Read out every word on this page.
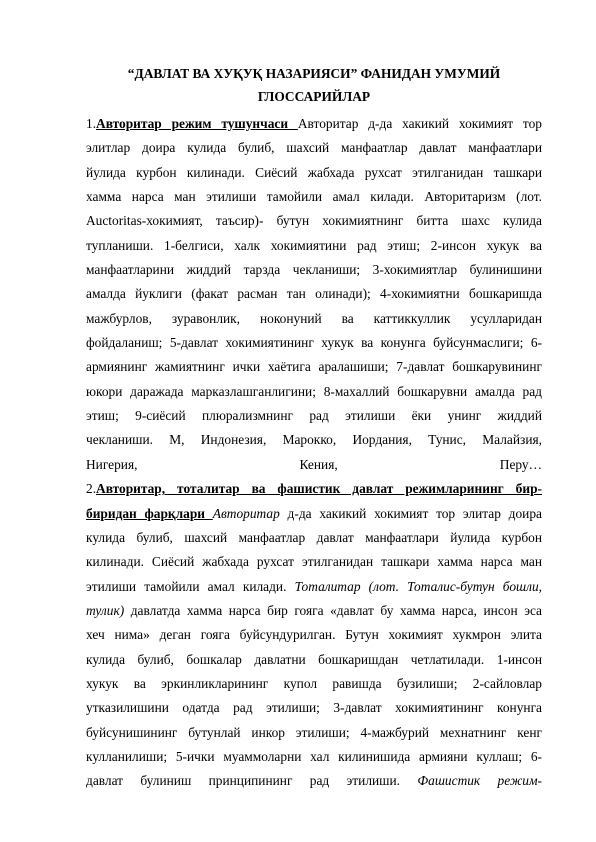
“ДАВЛАТ ВА ХУҚУҚ НАЗАРИЯСИ” ФАНИДАН УМУМИЙ
ГЛОССАРИЙЛАР
1.Авторитар режим тушунчаси Авторитар д-да хакикий хокимият тор
элитлар доира кулида булиб, шахсий манфаатлар давлат манфаатлари
йулида курбон килинади. Сиёсий жабхада рухсат этилганидан ташкари
хамма нарса ман этилиши тамойили амал килади. Авторитаризм (лот.
Auctoritas-хокимият, таъсир)- бутун хокимиятнинг битта шахс кулида
тупланиши. 1-белгиси, халк хокимиятини рад этиш; 2-инсон хукук ва
манфаатларини жиддий тарзда чекланиши; 3-хокимиятлар булинишини
амалда йуклиги (факат расман тан олинади); 4-хокимиятни бошкаришда
мажбурлов, зуравонлик, ноконуний ва каттиккуллик усулларидан
фойдаланиш; 5-давлат хокимиятининг хукук ва конунга буйсунмаслиги; 6-
армиянинг жамиятнинг ички хаётига аралашиши; 7-давлат бошкарувининг
юкори даражада марказлашганлигини; 8-махаллий бошкарувни амалда рад
этиш; 9-сиёсий плюрализмнинг рад этилиши ёки унинг жиддий
чекланиши. М, Индонезия, Марокко, Иордания, Тунис, Малайзия,
Нигерия, Кения, Перу…
2.Авторитар, тоталитар ва фашистик давлат режимларининг бир-
биридан фарқлари Авторитар д-да хакикий хокимият тор элитар доира
кулида булиб, шахсий манфаатлар давлат манфаатлари йулида курбон
килинади. Сиёсий жабхада рухсат этилганидан ташкари хамма нарса ман
этилиши тамойили амал килади. Тоталитар (лот. Тоталис-бутун бошли,
тулик) давлатда хамма нарса бир гояга «давлат бу хамма нарса, инсон эса
хеч нима» деган гояга буйсундурилган. Бутун хокимият хукмрон элита
кулида булиб, бошкалар давлатни бошкаришдан четлатилади. 1-инсон
хукук ва эркинликларининг купол равишда бузилиши; 2-сайловлар
утказилишини одатда рад этилиши; 3-давлат хокимиятининг конунга
буйсунишининг бутунлай инкор этилиши; 4-мажбурий мехнатнинг кенг
кулланилиши; 5-ички муаммоларни хал килинишида армияни куллаш; 6-
давлат булиниш принципининг рад этилиши. Фашистик режим-
